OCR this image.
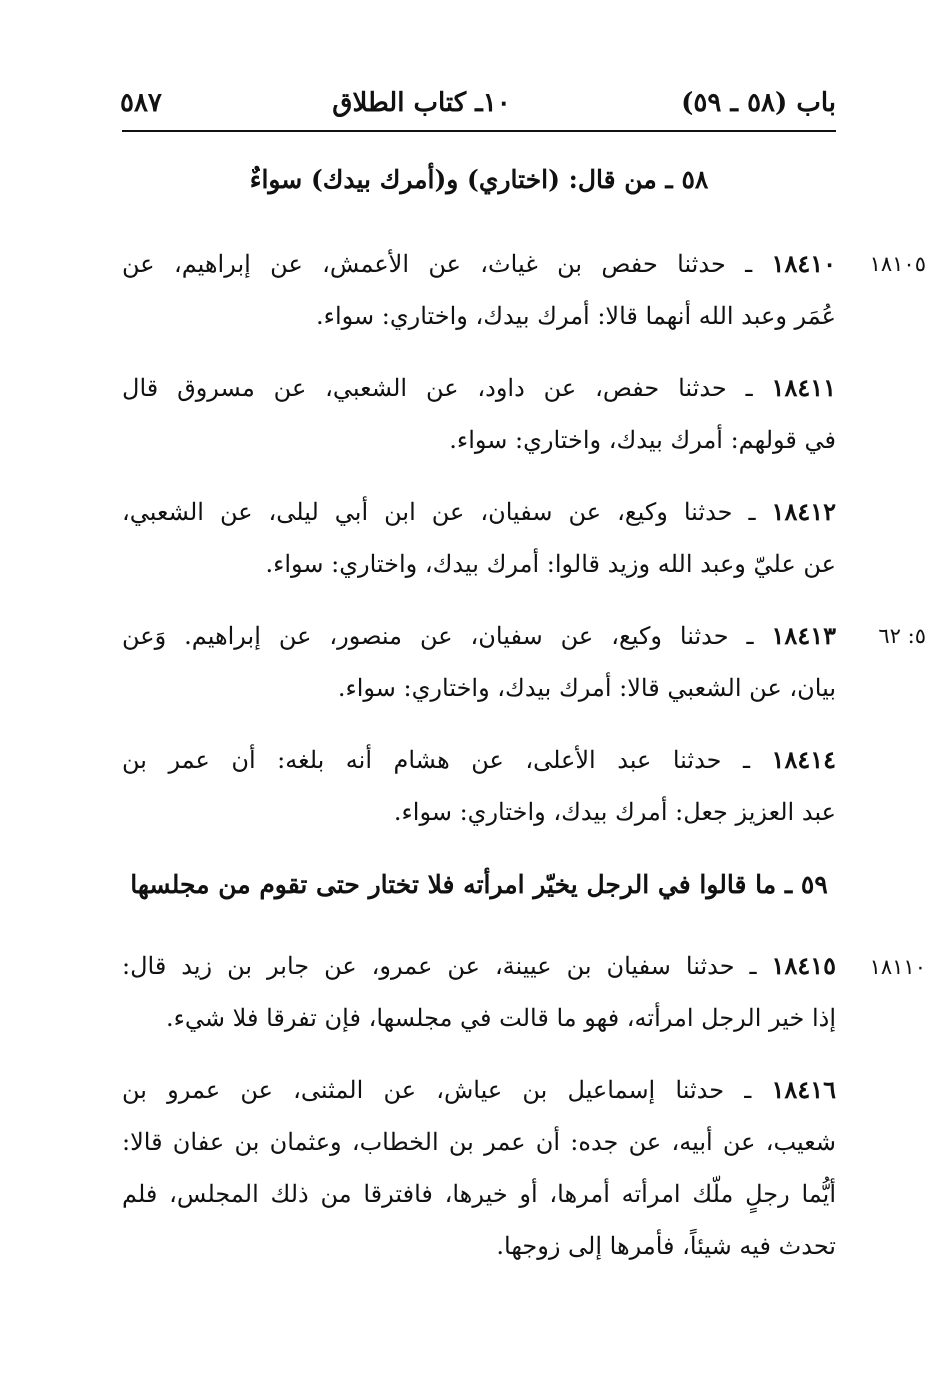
باب (٥٨ ـ ٥٩)
١٠ـ كتاب الطلاق
٥٨٧
٥٨ ـ من قال: (اختاري) و(أمرك بيدك) سواءٌ
١٨١٠٥
١٨٤١٠ ـ حدثنا حفص بن غياث، عن الأعمش، عن إبراهيم، عن
عُمَر وعبد الله أنهما قالا: أمرك بيدك، واختاري: سواء.
١٨٤١١ ـ حدثنا حفص، عن داود، عن الشعبي، عن مسروق قال
في قولهم: أمرك بيدك، واختاري: سواء.
١٨٤١٢ ـ حدثنا وكيع، عن سفيان، عن ابن أبي ليلى، عن الشعبي،
عن عليّ وعبد الله وزيد قالوا: أمرك بيدك، واختاري: سواء.
٥: ٦٢
١٨٤١٣ ـ حدثنا وكيع، عن سفيان، عن منصور، عن إبراهيم. وَعن
بيان، عن الشعبي قالا: أمرك بيدك، واختاري: سواء.
١٨٤١٤ ـ حدثنا عبد الأعلى، عن هشام أنه بلغه: أن عمر بن
عبد العزيز جعل: أمرك بيدك، واختاري: سواء.
٥٩ ـ ما قالوا في الرجل يخيّر امرأته فلا تختار حتى تقوم من مجلسها
١٨١١٠
١٨٤١٥ ـ حدثنا سفيان بن عيينة، عن عمرو، عن جابر بن زيد قال:
إذا خير الرجل امرأته، فهو ما قالت في مجلسها، فإن تفرقا فلا شيء.
١٨٤١٦ ـ حدثنا إسماعيل بن عياش، عن المثنى، عن عمرو بن
شعيب، عن أبيه، عن جده: أن عمر بن الخطاب، وعثمان بن عفان قالا:
أيُّما رجلٍ ملّك امرأته أمرها، أو خيرها، فافترقا من ذلك المجلس، فلم
تحدث فيه شيئاً، فأمرها إلى زوجها.
